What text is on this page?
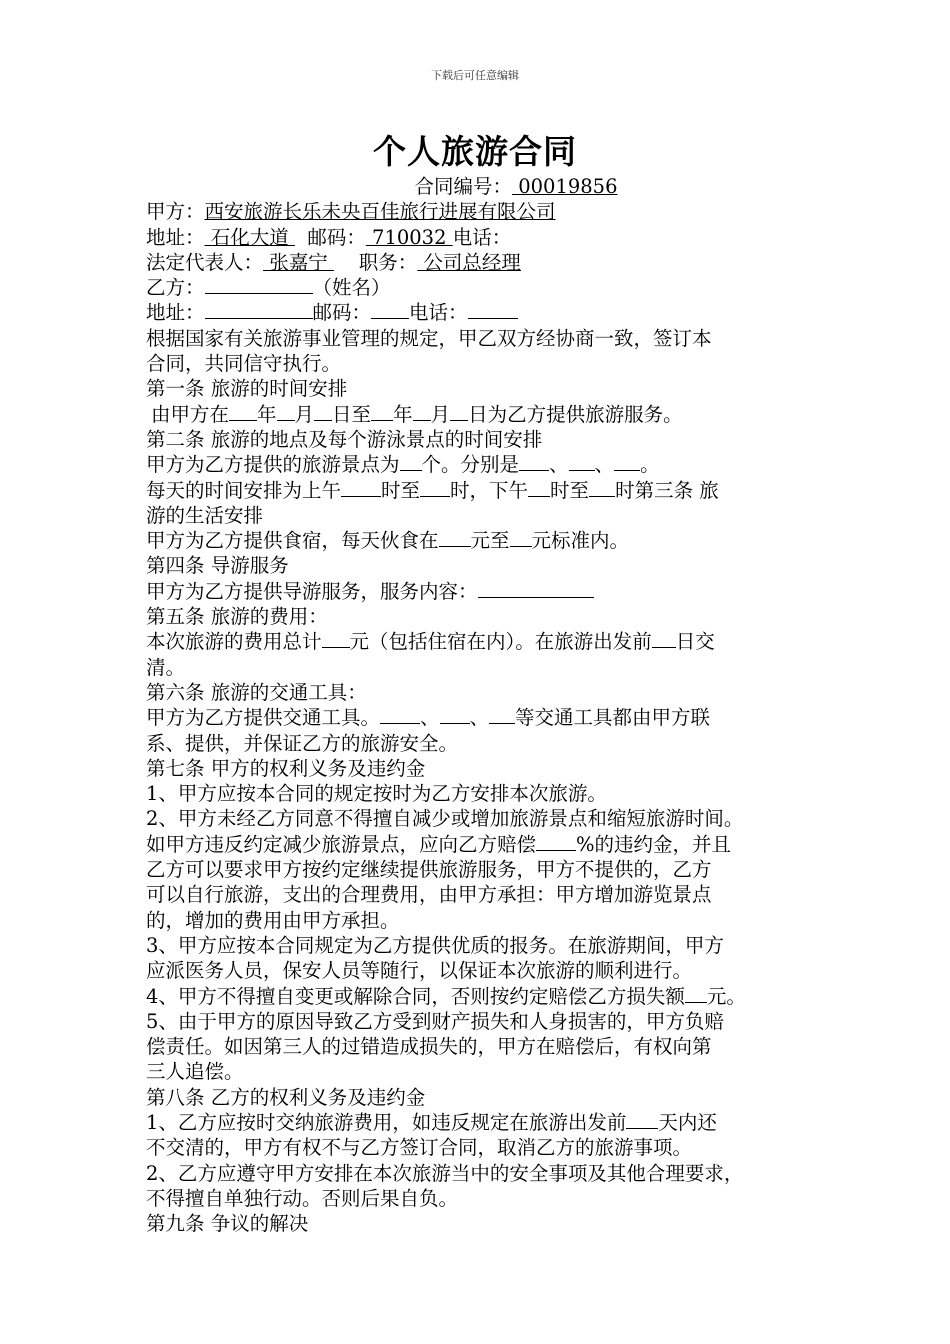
下载后可任意编辑
个人旅游合同
合同编号： 00019856
甲方：西安旅游长乐未央百佳旅行进展有限公司
地址： 石化大道   邮码： 710032 电话：
法定代表人： 张嘉宁     职务： 公司总经理
乙方：	（姓名）
地址：	邮码： 电话：
根据国家有关旅游事业管理的规定，甲乙双方经协商一致，签订本
合同，共同信守执行。
第一条 旅游的时间安排
由甲方在 年 月 日至 年 月 日为乙方提供旅游服务。
第二条 旅游的地点及每个游泳景点的时间安排
甲方为乙方提供的旅游景点为 个。分别是 、 、 。
每天的时间安排为上午 时至 时，下午 时至 时第三条 旅
游的生活安排
甲方为乙方提供食宿，每天伙食在 元至 元标准内。
第四条 导游服务
甲方为乙方提供导游服务，服务内容：
第五条 旅游的费用：
本次旅游的费用总计 元（包括住宿在内）。在旅游出发前 日交
清。
第六条 旅游的交通工具：
甲方为乙方提供交通工具。 、 、 等交通工具都由甲方联
系、提供，并保证乙方的旅游安全。
第七条 甲方的权利义务及违约金
1、甲方应按本合同的规定按时为乙方安排本次旅游。
2、甲方未经乙方同意不得擅自减少或增加旅游景点和缩短旅游时间。
如甲方违反约定减少旅游景点，应向乙方赔偿 %的违约金，并且
乙方可以要求甲方按约定继续提供旅游服务，甲方不提供的，乙方
可以自行旅游，支出的合理费用，由甲方承担：甲方增加游览景点
的，增加的费用由甲方承担。
3、甲方应按本合同规定为乙方提供优质的报务。在旅游期间，甲方
应派医务人员，保安人员等随行，以保证本次旅游的顺利进行。
4、甲方不得擅自变更或解除合同，否则按约定赔偿乙方损失额 元。
5、由于甲方的原因导致乙方受到财产损失和人身损害的，甲方负赔
偿责任。如因第三人的过错造成损失的，甲方在赔偿后，有权向第
三人追偿。
第八条 乙方的权利义务及违约金
1、乙方应按时交纳旅游费用，如违反规定在旅游出发前 天内还
不交清的，甲方有权不与乙方签订合同，取消乙方的旅游事项。
2、乙方应遵守甲方安排在本次旅游当中的安全事项及其他合理要求，
不得擅自单独行动。否则后果自负。
第九条 争议的解决
